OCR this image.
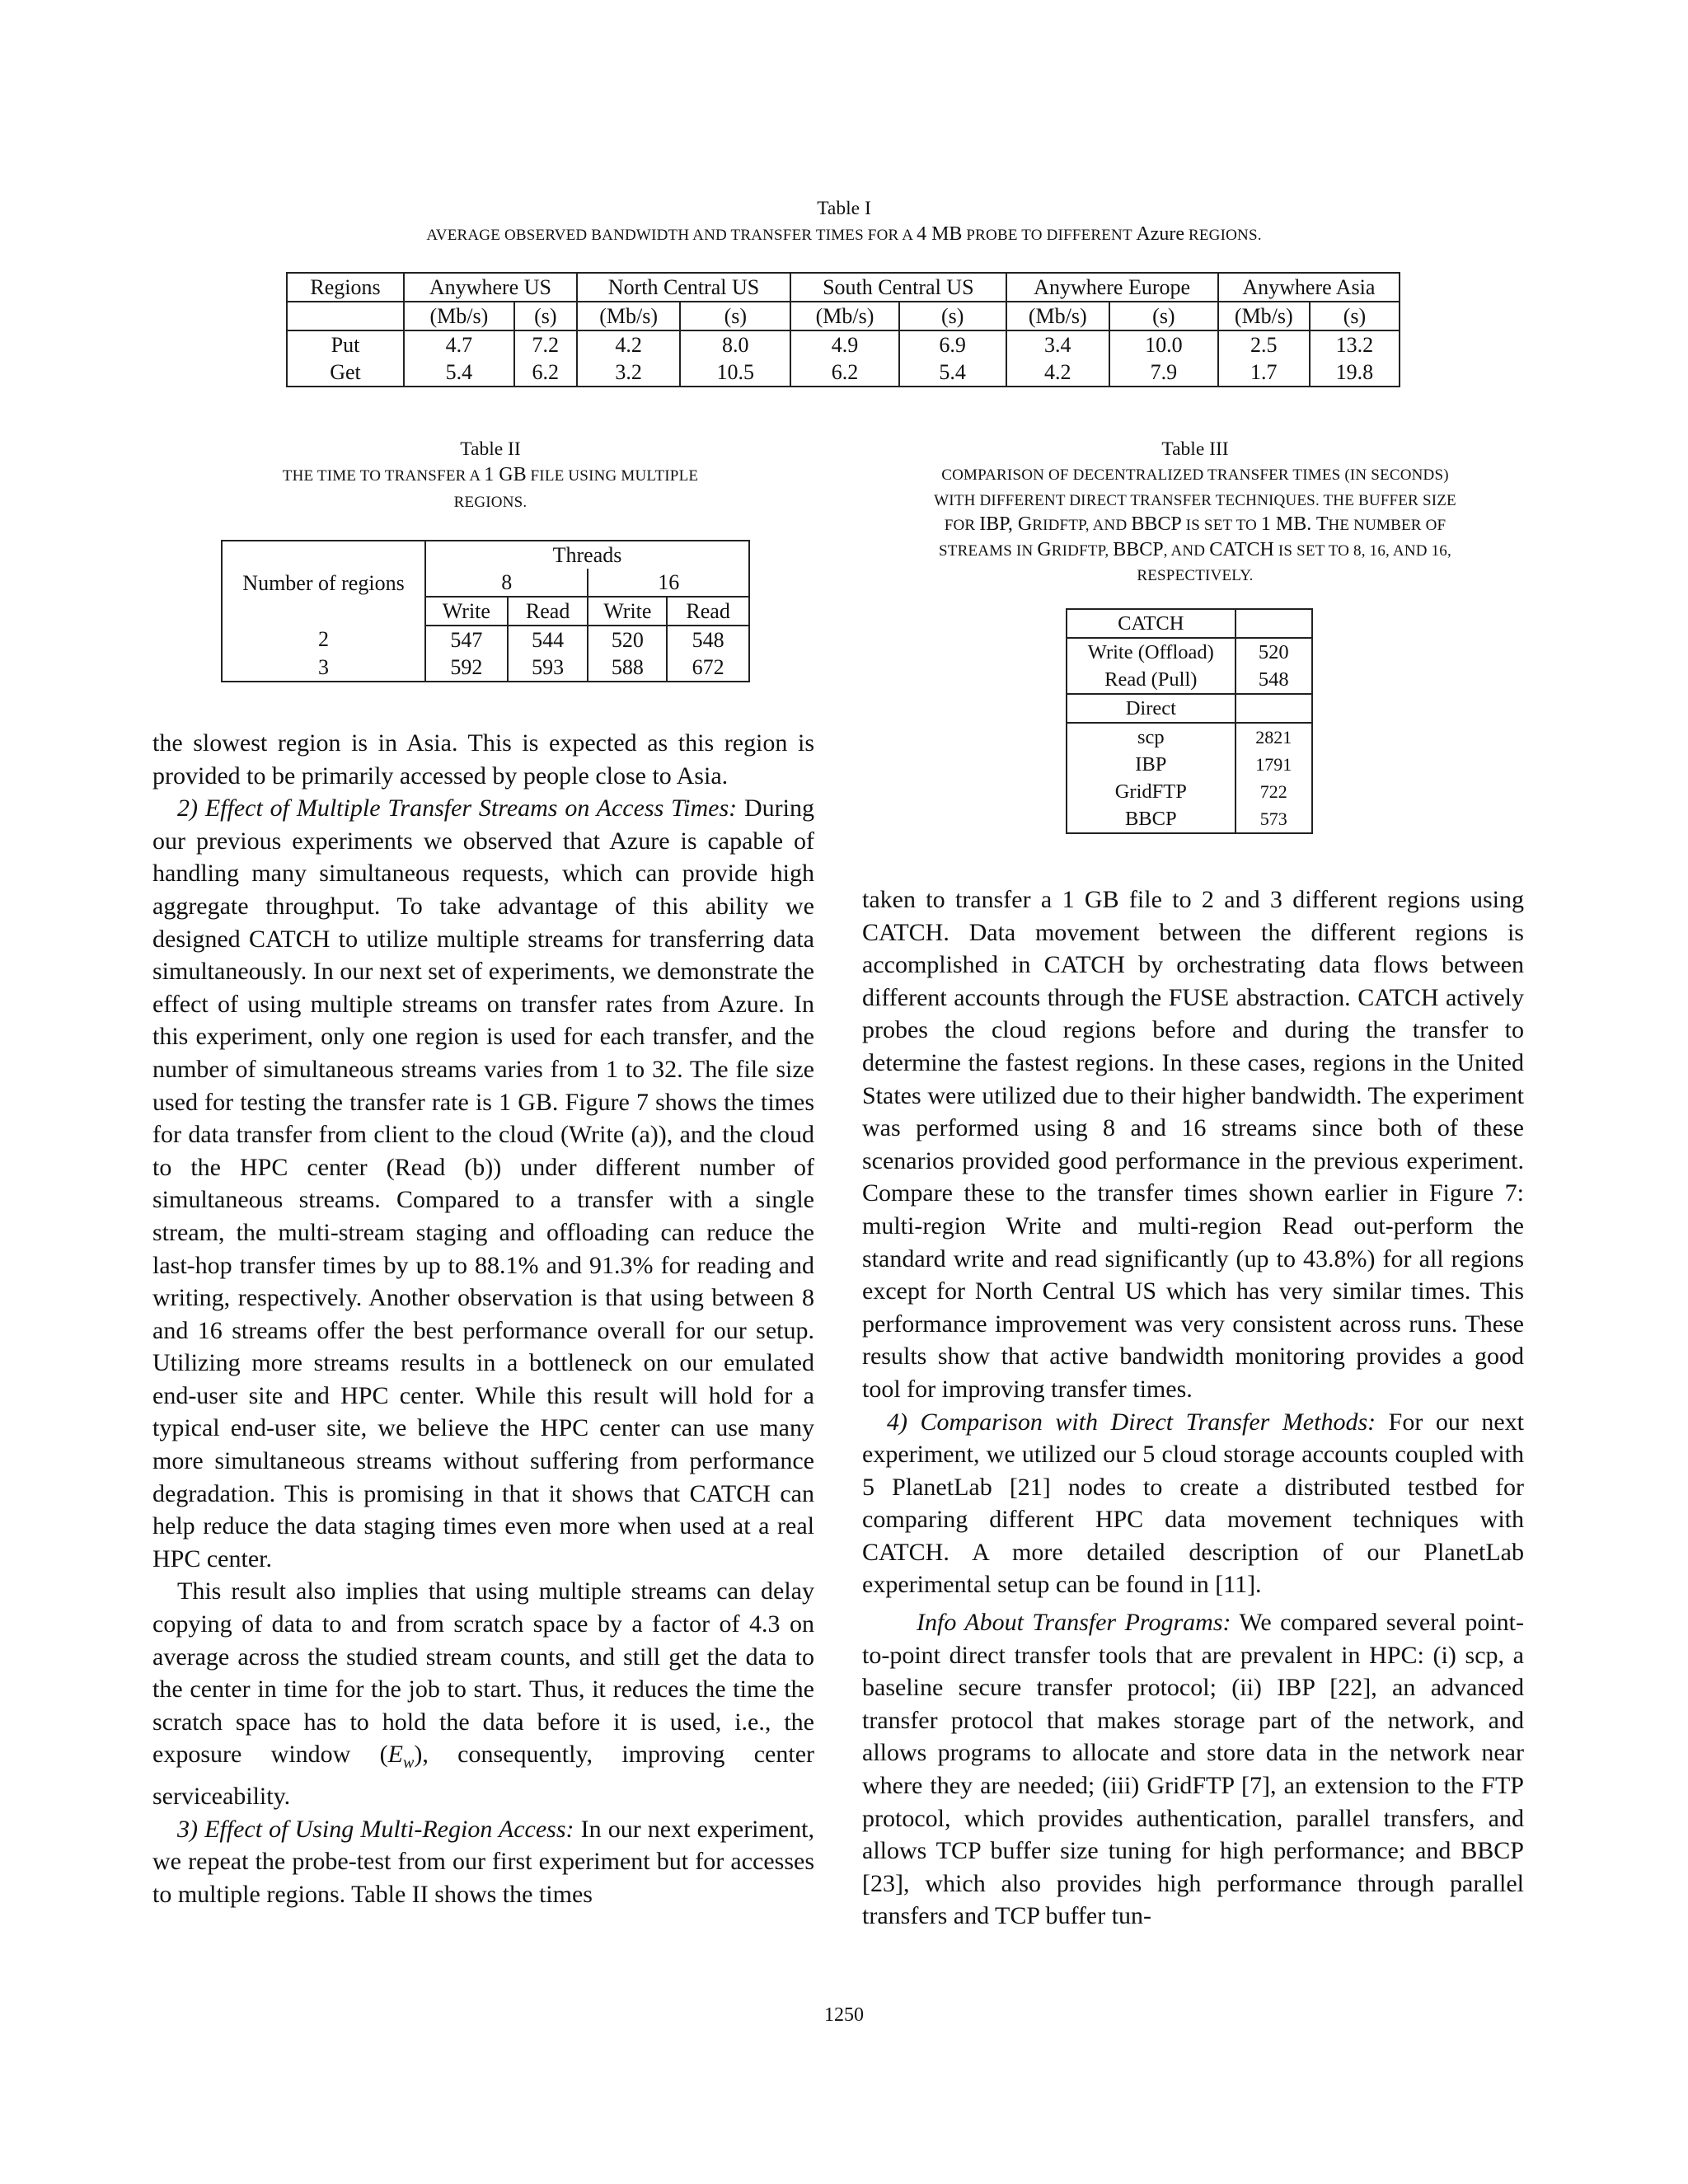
Table I
AVERAGE OBSERVED BANDWIDTH AND TRANSFER TIMES FOR A 4 MB PROBE TO DIFFERENT Azure REGIONS.
Regions	Anywhere US		North Central US		South Central US		Anywhere Europe		Anywhere Asia	
	(Mb/s)	(s)	(Mb/s)	(s)	(Mb/s)	(s)	(Mb/s)	(s)	(Mb/s)	(s)
Put	4.7	7.2	4.2	8.0	4.9	6.9	3.4	10.0	2.5	13.2
Get	5.4	6.2	3.2	10.5	6.2	5.4	4.2	7.9	1.7	19.8
Table II
THE TIME TO TRANSFER A 1 GB FILE USING MULTIPLE
REGIONS.
Number of regions	Threads			
	8		16	
	Write	Read	Write	Read
2	547	544	520	548
3	592	593	588	672
Table III
COMPARISON OF DECENTRALIZED TRANSFER TIMES (IN SECONDS)
WITH DIFFERENT DIRECT TRANSFER TECHNIQUES. THE BUFFER SIZE
FOR IBP, GRIDFTP, AND BBCP IS SET TO 1 MB. THE NUMBER OF
STREAMS IN GRIDFTP, BBCP, AND CATCH IS SET TO 8, 16, AND 16,
RESPECTIVELY.
CATCH	
Write (Offload)	520
Read (Pull)	548
Direct	
scp	2821
IBP	1791
GridFTP	722
BBCP	573

the slowest region is in Asia. This is expected as this region is provided to be primarily accessed by people close to Asia.

2) Effect of Multiple Transfer Streams on Access Times: During our previous experiments we observed that Azure is capable of handling many simultaneous requests, which can provide high aggregate throughput. To take advantage of this ability we designed CATCH to utilize multiple streams for transferring data simultaneously. In our next set of experiments, we demonstrate the effect of using multiple streams on transfer rates from Azure. In this experiment, only one region is used for each transfer, and the number of simultaneous streams varies from 1 to 32. The file size used for testing the transfer rate is 1 GB. Figure 7 shows the times for data transfer from client to the cloud (Write (a)), and the cloud to the HPC center (Read (b)) under different number of simultaneous streams. Compared to a transfer with a single stream, the multi-stream staging and offloading can reduce the last-hop transfer times by up to 88.1% and 91.3% for reading and writing, respectively. Another observation is that using between 8 and 16 streams offer the best performance overall for our setup. Utilizing more streams results in a bottleneck on our emulated end-user site and HPC center. While this result will hold for a typical end-user site, we believe the HPC center can use many more simultaneous streams without suffering from performance degradation. This is promising in that it shows that CATCH can help reduce the data staging times even more when used at a real HPC center.

This result also implies that using multiple streams can delay copying of data to and from scratch space by a factor of 4.3 on average across the studied stream counts, and still get the data to the center in time for the job to start. Thus, it reduces the time the scratch space has to hold the data before it is used, i.e., the exposure window $(E_w)$, consequently, improving center serviceability.

3) Effect of Using Multi-Region Access: In our next experiment, we repeat the probe-test from our first experiment but for accesses to multiple regions. Table II shows the times

taken to transfer a 1 GB file to 2 and 3 different regions using CATCH. Data movement between the different regions is accomplished in CATCH by orchestrating data flows between different accounts through the FUSE abstraction. CATCH actively probes the cloud regions before and during the transfer to determine the fastest regions. In these cases, regions in the United States were utilized due to their higher bandwidth. The experiment was performed using 8 and 16 streams since both of these scenarios provided good performance in the previous experiment. Compare these to the transfer times shown earlier in Figure 7: multi-region Write and multi-region Read out-perform the standard write and read significantly (up to 43.8%) for all regions except for North Central US which has very similar times. This performance improvement was very consistent across runs. These results show that active bandwidth monitoring provides a good tool for improving transfer times.

4) Comparison with Direct Transfer Methods: For our next experiment, we utilized our 5 cloud storage accounts coupled with 5 PlanetLab [21] nodes to create a distributed testbed for comparing different HPC data movement techniques with CATCH. A more detailed description of our PlanetLab experimental setup can be found in [11].

Info About Transfer Programs: We compared several point-to-point direct transfer tools that are prevalent in HPC: (i) scp, a baseline secure transfer protocol; (ii) IBP [22], an advanced transfer protocol that makes storage part of the network, and allows programs to allocate and store data in the network near where they are needed; (iii) GridFTP [7], an extension to the FTP protocol, which provides authentication, parallel transfers, and allows TCP buffer size tuning for high performance; and BBCP [23], which also provides high performance through parallel transfers and TCP buffer tun-

1250
